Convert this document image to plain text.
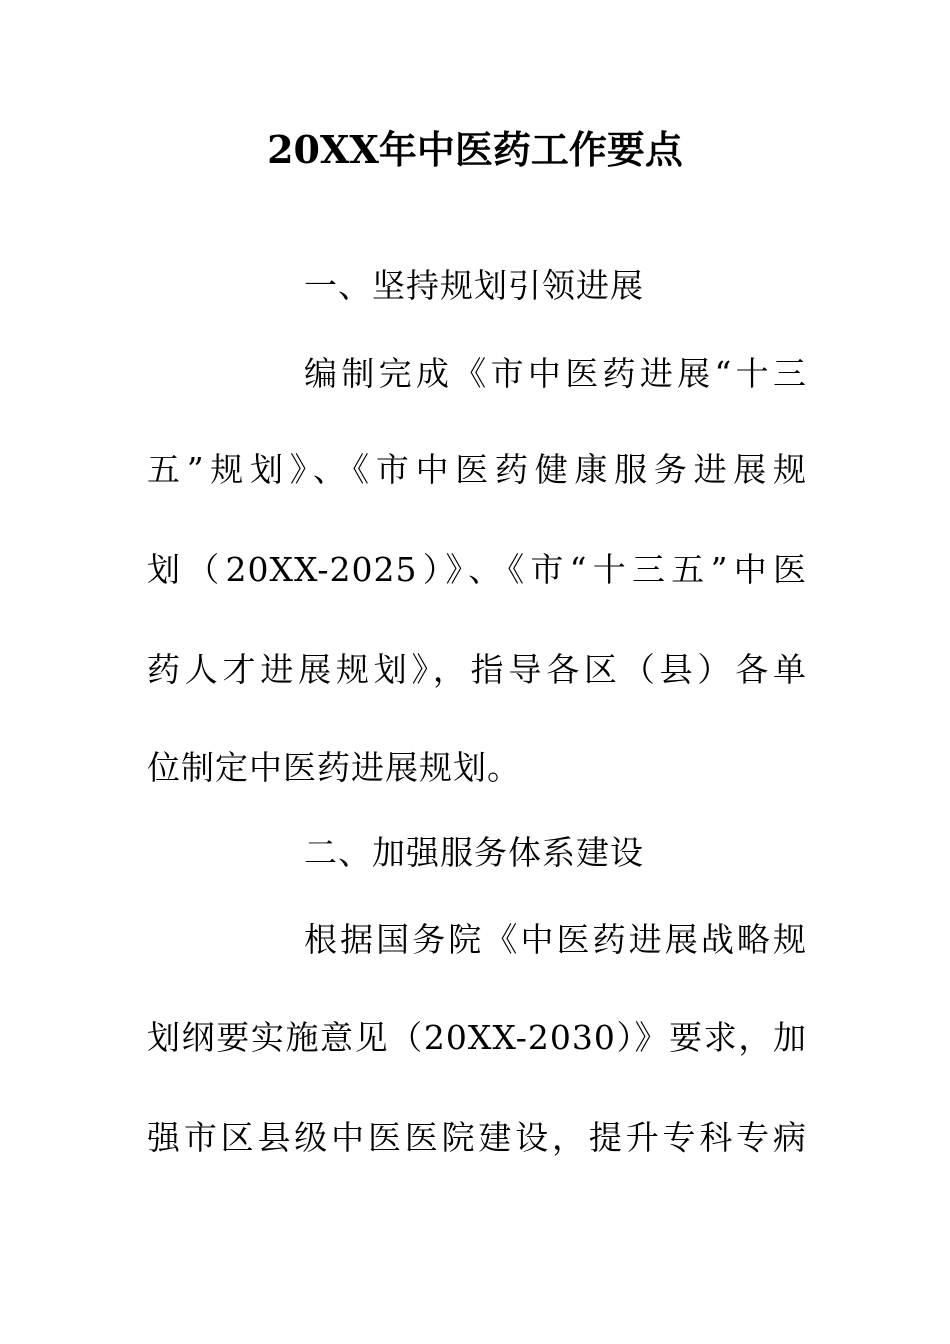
20XX年中医药工作要点
一、坚持规划引领进展
编制完成《市中医药进展“十三
五”规划》、《市中医药健康服务进展规
划（20XX-2025）》、《市“十三五”中医
药人才进展规划》，指导各区（县）各单
位制定中医药进展规划。
二、加强服务体系建设
根据国务院《中医药进展战略规
划纲要实施意见（20XX-2030）》要求，加
强市区县级中医医院建设，提升专科专病
